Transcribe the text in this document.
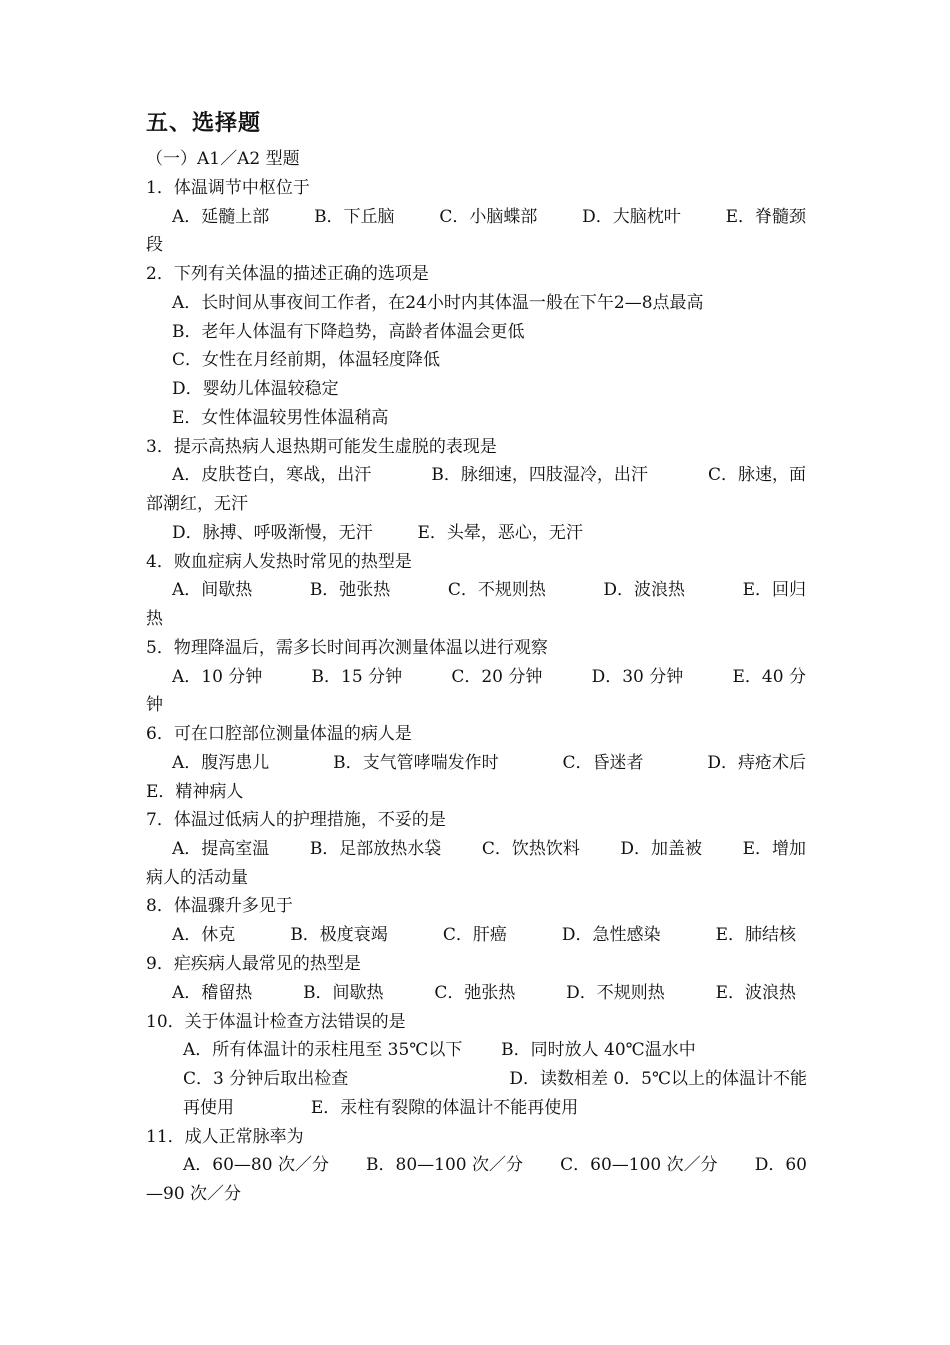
五、选择题
（一）A1／A2 型题
1．体温调节中枢位于
A．延髓上部	B．下丘脑	C．小脑蝶部	D．大脑枕叶	E．脊髓颈
段
2．下列有关体温的描述正确的选项是
A．长时间从事夜间工作者，在24小时内其体温一般在下午2—8点最高
B．老年人体温有下降趋势，高龄者体温会更低
C．女性在月经前期，体温轻度降低
D．婴幼儿体温较稳定
E．女性体温较男性体温稍高
3．提示高热病人退热期可能发生虚脱的表现是
A．皮肤苍白，寒战，出汗	B．脉细速，四肢湿冷，出汗	C．脉速，面
部潮红，无汗
D．脉搏、呼吸渐慢，无汗	E．头晕，恶心，无汗
4．败血症病人发热时常见的热型是
A．间歇热	B．弛张热	C．不规则热	D．波浪热	E．回归
热
5．物理降温后，需多长时间再次测量体温以进行观察
A．10 分钟	B．15 分钟	C．20 分钟	D．30 分钟	E．40 分
钟
6．可在口腔部位测量体温的病人是
A．腹泻患儿	B．支气管哮喘发作时	C．昏迷者	D．痔疮术后
E．精神病人
7．体温过低病人的护理措施，不妥的是
A．提高室温 B．足部放热水袋 C．饮热饮料 D．加盖被 E．增加
病人的活动量
8．体温骤升多见于
A．休克	B．极度衰竭	C．肝癌	D．急性感染	E．肺结核
9．疟疾病人最常见的热型是
A．稽留热	B．间歇热	C．弛张热	D．不规则热	E．波浪热
10．关于体温计检查方法错误的是
A．所有体温计的汞柱甩至 35℃以下 B．同时放人 40℃温水中
C．3 分钟后取出检查	D．读数相差 0．5℃以上的体温计不能
再使用	E．汞柱有裂隙的体温计不能再使用
11．成人正常脉率为
A．60—80 次／分 B．80—100 次／分 C．60—100 次／分 D．60
—90 次／分
